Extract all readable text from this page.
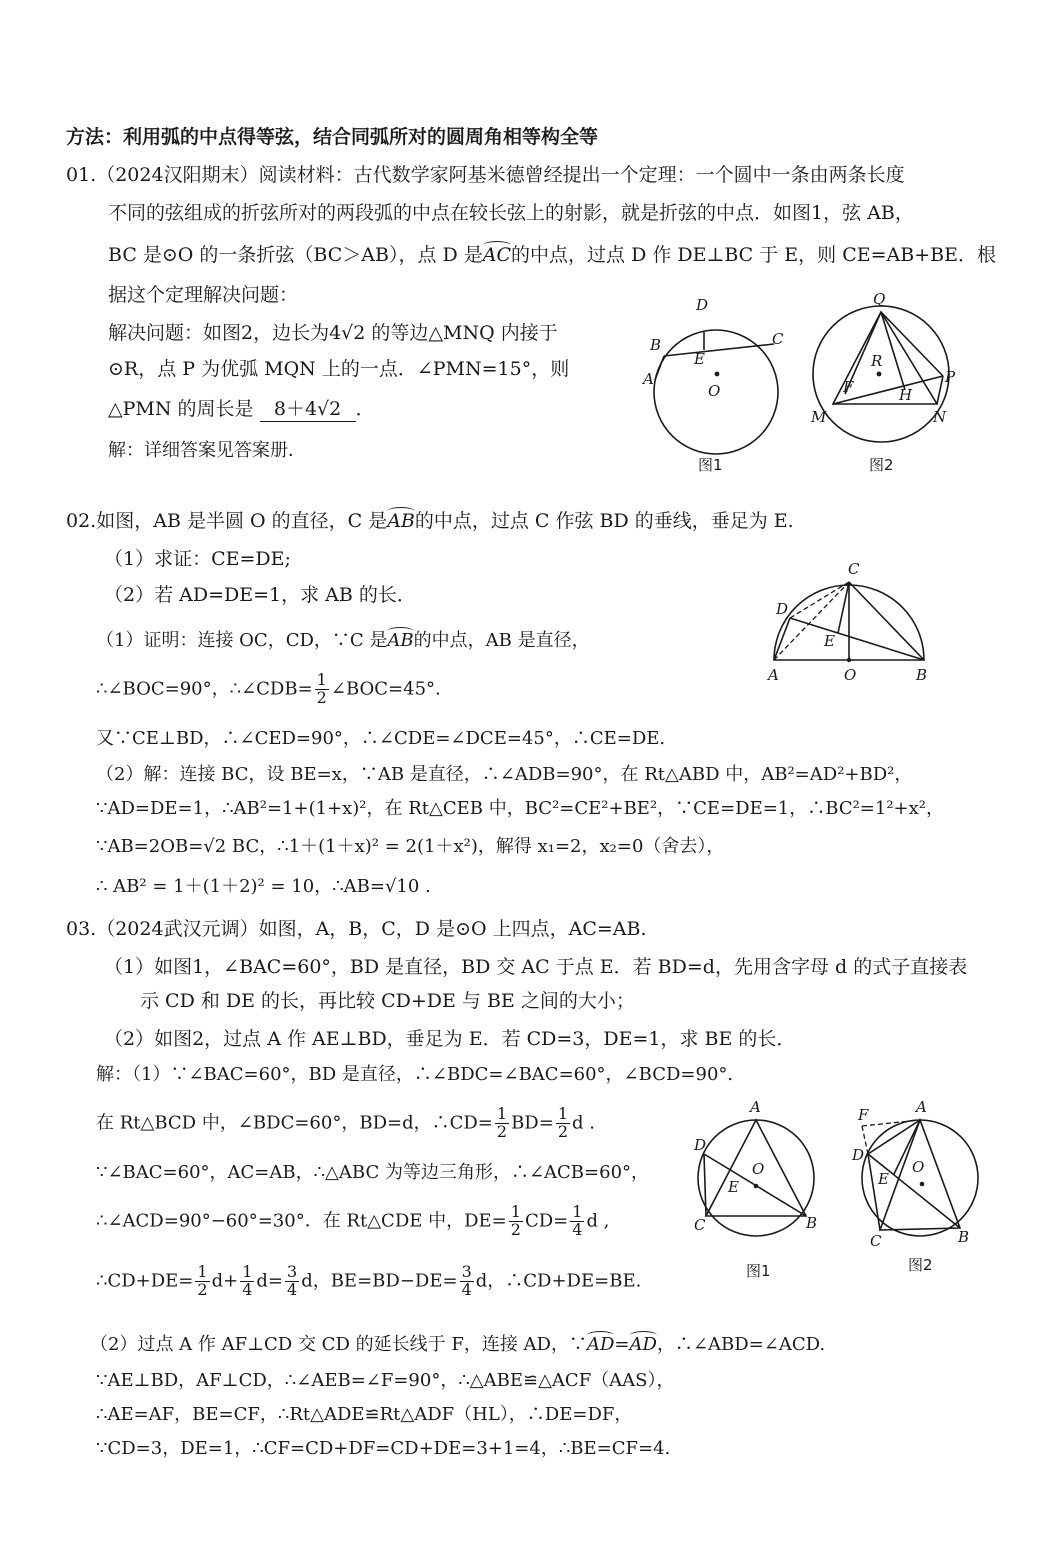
方法：利用弧的中点得等弦，结合同弧所对的圆周角相等构全等
01.（2024汉阳期末）阅读材料：古代数学家阿基米德曾经提出一个定理：一个圆中一条由两条长度
不同的弦组成的折弦所对的两段弧的中点在较长弦上的射影，就是折弦的中点．如图1，弦 AB，
BC 是⊙O 的一条折弦（BC＞AB），点 D 是AC的中点，过点 D 作 DE⊥BC 于 E，则 CE=AB+BE．根
据这个定理解决问题：
解决问题：如图2，边长为4√2 的等边△MNQ 内接于
⊙R，点 P 为优弧 MQN 上的一点．∠PMN=15°，则
△PMN 的周长是 8＋4√2 ．
解：详细答案见答案册．
D
B	C
E
A
O
图1
Q
R
P
F	H
M	N
图2
02.如图，AB 是半圆 O 的直径，C 是AB的中点，过点 C 作弦 BD 的垂线，垂足为 E.
（1）求证：CE=DE;
（2）若 AD=DE=1，求 AB 的长．
（1）证明：连接 OC，CD，∵C 是AB的中点，AB 是直径，
∴∠BOC=90°，∴∠CDB= $\frac{1}{2}$ ∠BOC=45°.
又∵CE⊥BD，∴∠CED=90°，∴∠CDE=∠DCE=45°，∴CE=DE.
（2）解：连接 BC，设 BE=x，∵AB 是直径，∴∠ADB=90°，在 Rt△ABD 中，AB²=AD²+BD²，
∵AD=DE=1，∴AB²=1+(1+x)²，在 Rt△CEB 中，BC²=CE²+BE²，∵CE=DE=1，∴BC²=1²+x²，
∵AB=2OB=√2 BC，∴1＋(1＋x)² = 2(1＋x²)，解得 x₁=2，x₂=0（舍去），
∴ AB² = 1＋(1＋2)² = 10，∴AB=√10 .
C
D
E
A	O	B
03.（2024武汉元调）如图，A，B，C，D 是⊙O 上四点，AC=AB.
（1）如图1，∠BAC=60°，BD 是直径，BD 交 AC 于点 E．若 BD=d，先用含字母 d 的式子直接表
示 CD 和 DE 的长，再比较 CD+DE 与 BE 之间的大小；
（2）如图2，过点 A 作 AE⊥BD，垂足为 E．若 CD=3，DE=1，求 BE 的长．
解：（1）∵∠BAC=60°，BD 是直径，∴∠BDC=∠BAC=60°，∠BCD=90°.
在 Rt△BCD 中，∠BDC=60°，BD=d，∴CD= $\frac{1}{2} BD= \frac{1}{2}$ d .
∵∠BAC=60°，AC=AB，∴△ABC 为等边三角形，∴∠ACB=60°，
∴∠ACD=90°−60°=30°．在 Rt△CDE 中，$DE= \frac{1}{2} CD= \frac{1}{4}$ d ,
∴CD+DE= $\frac{1}{2} d+ \frac{1}{4} d= \frac{3}{4}$ d，$BE=BD-DE= \frac{3}{4}$ d，∴CD+DE=BE.
（2）过点 A 作 AF⊥CD 交 CD 的延长线于 F，连接 AD，∵AD=AD，∴∠ABD=∠ACD.
∵AE⊥BD，AF⊥CD，∴∠AEB=∠F=90°，∴△ABE≌△ACF（AAS），
∴AE=AF，BE=CF，∴Rt△ADE≌Rt△ADF（HL），∴DE=DF，
∵CD=3，DE=1，∴CF=CD+DF=CD+DE=3+1=4，∴BE=CF=4.
A
D
O
E
C	B
图1
F	A
D
O
E
C	B
图2
